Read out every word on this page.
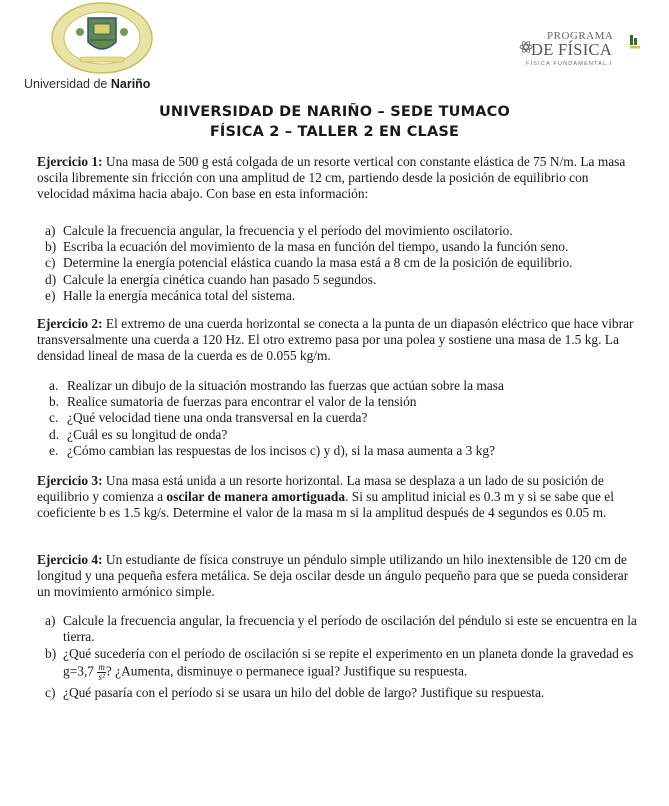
Universidad de Nariño
PROGRAMA
DE FÍSICA
FÍSICA FUNDAMENTAL I
UNIVERSIDAD DE NARIÑO – SEDE TUMACO
FÍSICA 2 – TALLER 2 EN CLASE

Ejercicio 1: Una masa de 500 g está colgada de un resorte vertical con constante elástica de 75 N/m. La masa oscila libremente sin fricción con una amplitud de 12 cm, partiendo desde la posición de equilibrio con velocidad máxima hacia abajo. Con base en esta información:

a) Calcule la frecuencia angular, la frecuencia y el período del movimiento oscilatorio.
b) Escriba la ecuación del movimiento de la masa en función del tiempo, usando la función seno.
c) Determine la energía potencial elástica cuando la masa está a 8 cm de la posición de equilibrio.
d) Calcule la energía cinética cuando han pasado 5 segundos.
e) Halle la energía mecánica total del sistema.

Ejercicio 2: El extremo de una cuerda horizontal se conecta a la punta de un diapasón eléctrico que hace vibrar transversalmente una cuerda a 120 Hz. El otro extremo pasa por una polea y sostiene una masa de 1.5 kg. La densidad lineal de masa de la cuerda es de 0.055 kg/m.

a. Realizar un dibujo de la situación mostrando las fuerzas que actúan sobre la masa
b. Realice sumatoria de fuerzas para encontrar el valor de la tensión
c. ¿Qué velocidad tiene una onda transversal en la cuerda?
d. ¿Cuál es su longitud de onda?
e. ¿Cómo cambian las respuestas de los incisos c) y d), si la masa aumenta a 3 kg?

Ejercicio 3: Una masa está unida a un resorte horizontal. La masa se desplaza a un lado de su posición de equilibrio y comienza a oscilar de manera amortiguada. Si su amplitud inicial es 0.3 m y si se sabe que el coeficiente b es 1.5 kg/s. Determine el valor de la masa m si la amplitud después de 4 segundos es 0.05 m.

Ejercicio 4: Un estudiante de física construye un péndulo simple utilizando un hilo inextensible de 120 cm de longitud y una pequeña esfera metálica. Se deja oscilar desde un ángulo pequeño para que se pueda considerar un movimiento armónico simple.

a) Calcule la frecuencia angular, la frecuencia y el período de oscilación del péndulo si este se encuentra en la tierra.
b) ¿Qué sucedería con el período de oscilación si se repite el experimento en un planeta donde la gravedad es $g=3,7 \frac{m}{\text{s²}}$ ? ¿Aumenta, disminuye o permanece igual? Justifique su respuesta.
c) ¿Qué pasaría con el período si se usara un hilo del doble de largo? Justifique su respuesta.
